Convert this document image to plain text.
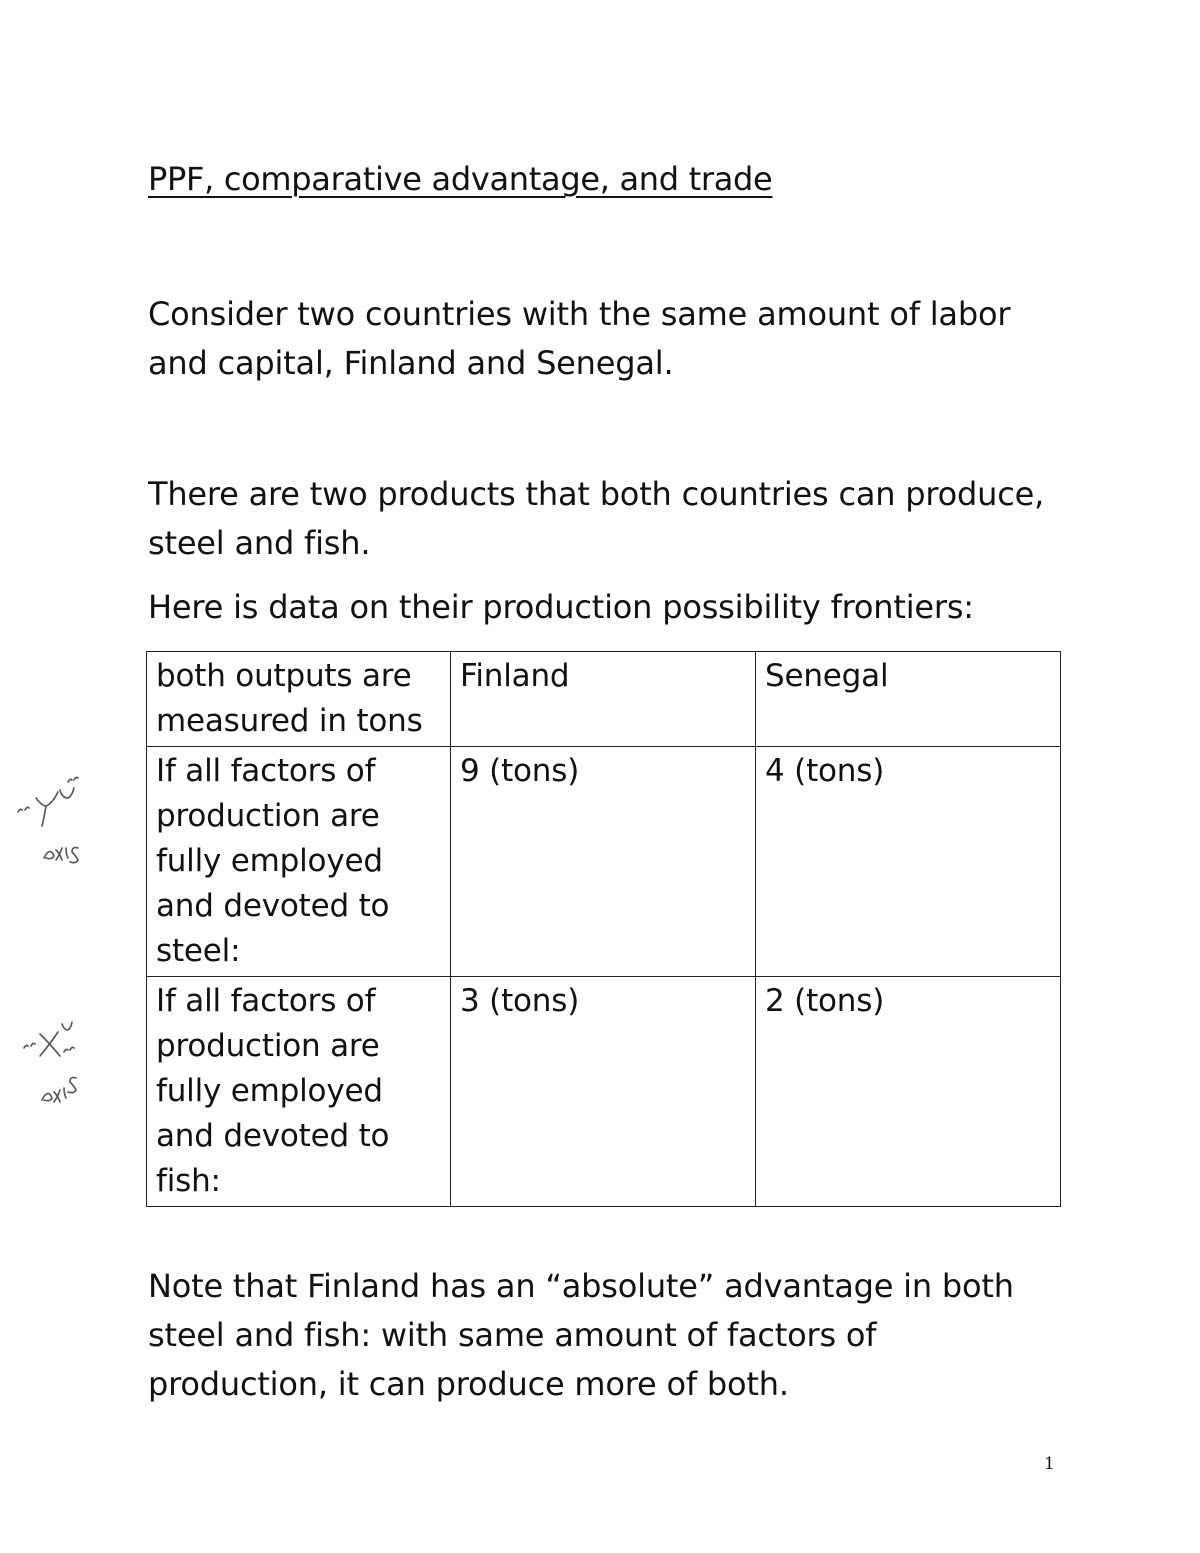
PPF, comparative advantage, and trade
Consider two countries with the same amount of labor and capital, Finland and Senegal.
There are two products that both countries can produce, steel and fish.
Here is data on their production possibility frontiers:
both outputs are measured in tons	Finland	Senegal
If all factors of production are fully employed and devoted to steel:	9 (tons)	4 (tons)
If all factors of production are fully employed and devoted to fish:	3 (tons)	2 (tons)
Note that Finland has an “absolute” advantage in both steel and fish: with same amount of factors of production, it can produce more of both.
1
